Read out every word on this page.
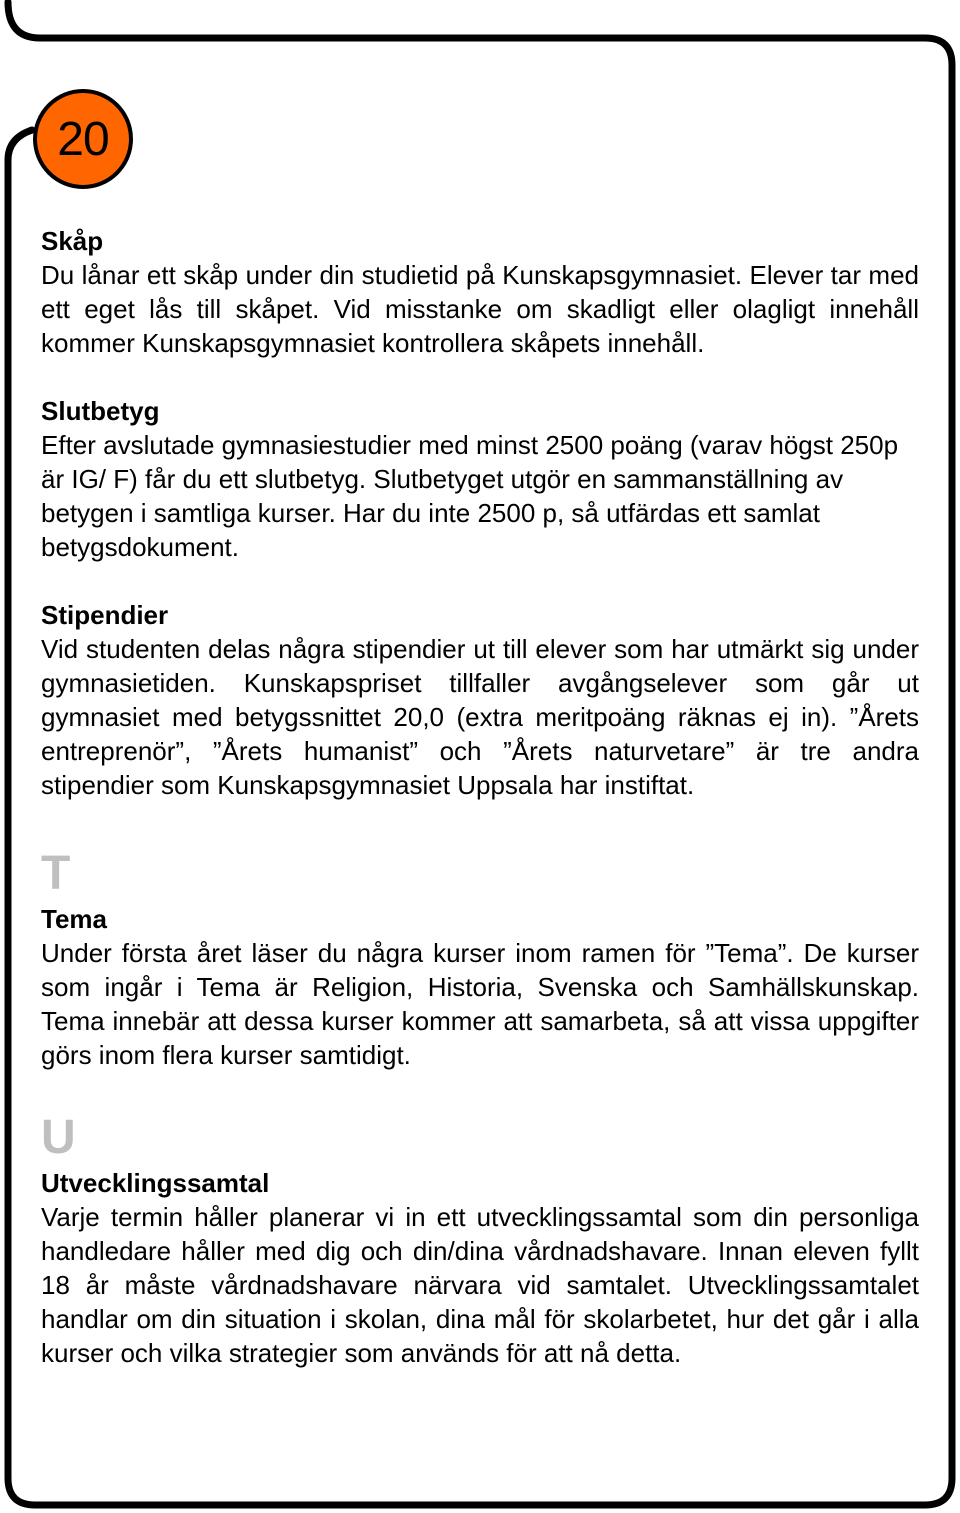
20

Skåp

Du lånar ett skåp under din studietid på Kunskapsgymnasiet. Elever tar med ett eget lås till skåpet. Vid misstanke om skadligt eller olagligt innehåll kommer Kunskapsgymnasiet kontrollera skåpets innehåll.

Slutbetyg

Efter avslutade gymnasiestudier med minst 2500 poäng (varav högst 250p är IG/ F) får du ett slutbetyg. Slutbetyget utgör en sammanställning av betygen i samtliga kurser. Har du inte 2500 p, så utfärdas ett samlat betygsdokument.

Stipendier

Vid studenten delas några stipendier ut till elever som har utmärkt sig under gymnasietiden. Kunskapspriset tillfaller avgångselever som går ut gymnasiet med betygssnittet 20,0 (extra meritpoäng räknas ej in). ”Årets entreprenör”, ”Årets humanist” och ”Årets naturvetare” är tre andra stipendier som Kunskapsgymnasiet Uppsala har instiftat.

T

Tema

Under första året läser du några kurser inom ramen för ”Tema”. De kurser som ingår i Tema är Religion, Historia, Svenska och Samhällskunskap. Tema innebär att dessa kurser kommer att samarbeta, så att vissa uppgifter görs inom flera kurser samtidigt.

U

Utvecklingssamtal

Varje termin håller planerar vi in ett utvecklingssamtal som din personliga handledare håller med dig och din/dina vårdnadshavare. Innan eleven fyllt 18 år måste vårdnadshavare närvara vid samtalet. Utvecklingssamtalet handlar om din situation i skolan, dina mål för skolarbetet, hur det går i alla kurser och vilka strategier som används för att nå detta.
